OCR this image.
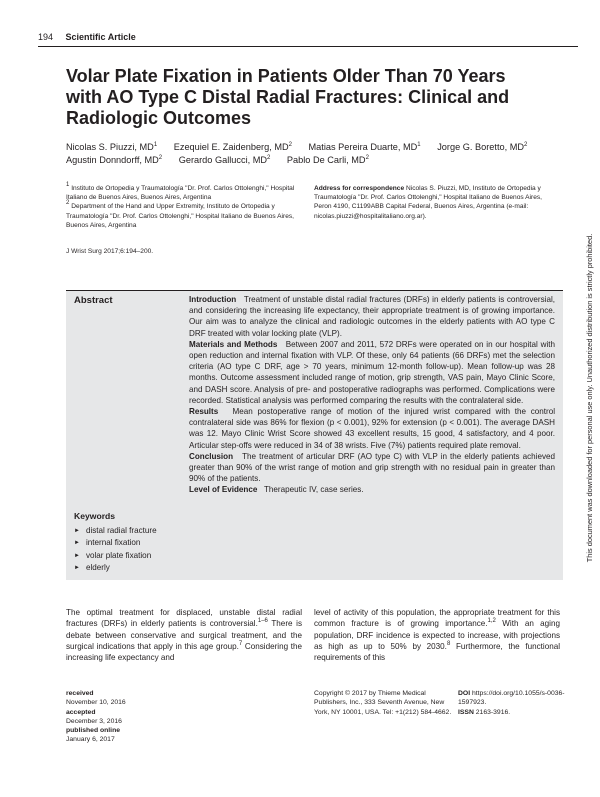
194 Scientific Article
Volar Plate Fixation in Patients Older Than 70 Years with AO Type C Distal Radial Fractures: Clinical and Radiologic Outcomes
Nicolas S. Piuzzi, $MD^1$ Ezequiel E. Zaidenberg, $MD^2$ Matias Pereira Duarte, $MD^1$ Jorge G. Boretto, $MD^2$
Agustin Donndorff, $MD^2$ Gerardo Gallucci, $MD^2$ Pablo De Carli, $MD^2$

$^1$ Instituto de Ortopedia y Traumatología "Dr. Prof. Carlos Ottolenghi," Hospital Italiano de Buenos Aires, Buenos Aires, Argentina

$^2$ Department of the Hand and Upper Extremity, Instituto de Ortopedia y Traumatología "Dr. Prof. Carlos Ottolenghi," Hospital Italiano de Buenos Aires, Buenos Aires, Argentina

Address for correspondence Nicolas S. Piuzzi, MD, Instituto de Ortopedia y Traumatología "Dr. Prof. Carlos Ottolenghi," Hospital Italiano de Buenos Aires, Peron 4190, C1199ABB Capital Federal, Buenos Aires, Argentina (e-mail: nicolas.piuzzi@hospitalitaliano.org.ar).
J Wrist Surg 2017;6:194–200.
Abstract	Introduction Treatment of unstable distal radial fractures (DRFs) in elderly patients is controversial, and considering the increasing life expectancy, their appropriate treatment is of growing importance. Our aim was to analyze the clinical and radiologic outcomes in the elderly patients with AO type C DRF treated with volar locking plate (VLP).

Materials and Methods Between 2007 and 2011, 572 DRFs were operated on in our hospital with open reduction and internal fixation with VLP. Of these, only 64 patients (66 DRFs) met the selection criteria (AO type C DRF, age > 70 years, minimum 12-month follow-up). Mean follow-up was 28 months. Outcome assessment included range of motion, grip strength, VAS pain, Mayo Clinic Score, and DASH score. Analysis of pre- and postoperative radiographs was performed. Complications were recorded. Statistical analysis was performed comparing the results with the contralateral side.

Results Mean postoperative range of motion of the injured wrist compared with the control contralateral side was 86% for flexion (p < 0.001), 92% for extension (p < 0.001). The average DASH was 12. Mayo Clinic Wrist Score showed 43 excellent results, 15 good, 4 satisfactory, and 4 poor. Articular step-offs were reduced in 34 of 38 wrists. Five (7%) patients required plate removal.

Conclusion The treatment of articular DRF (AO type C) with VLP in the elderly patients achieved greater than 90% of the wrist range of motion and grip strength with no residual pain in greater than 90% of the patients.

Level of Evidence Therapeutic IV, case series.

Keywords
► distal radial fracture
► internal fixation
► volar plate fixation
► elderly
The optimal treatment for displaced, unstable distal radial fractures (DRFs) in elderly patients is controversial.$^{1-6}$ There is debate between conservative and surgical treatment, and the surgical indications that apply in this age group.$^7$ Considering the increasing life expectancy and
level of activity of this population, the appropriate treatment for this common fracture is of growing importance.$^{1,2}$ With an aging population, DRF incidence is expected to increase, with projections as high as up to 50% by 2030.$^8$ Furthermore, the functional requirements of this
received
November 10, 2016
accepted
December 3, 2016
published online
January 6, 2017
Copyright © 2017 by Thieme Medical Publishers, Inc., 333 Seventh Avenue, New York, NY 10001, USA. Tel: +1(212) 584-4662.
DOI https://doi.org/10.1055/s-0036-1597923.
ISSN 2163-3916.
This document was downloaded for personal use only. Unauthorized distribution is strictly prohibited.
